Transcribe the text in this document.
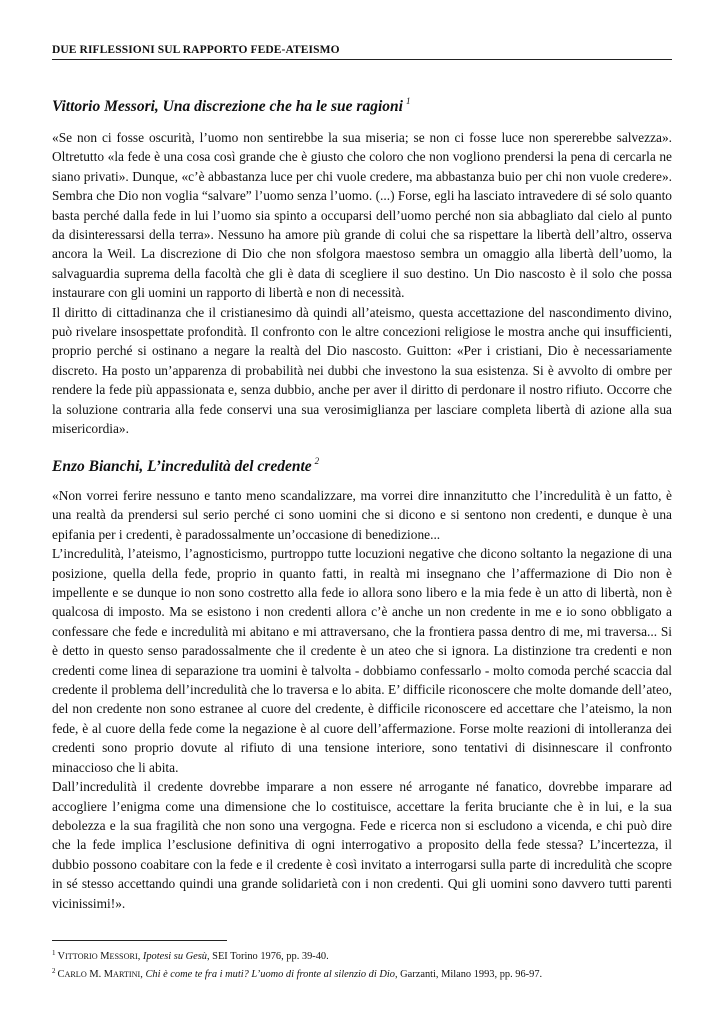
DUE RIFLESSIONI SUL RAPPORTO FEDE-ATEISMO
Vittorio Messori, Una discrezione che ha le sue ragioni $^1$

«Se non ci fosse oscurità, l’uomo non sentirebbe la sua miseria; se non ci fosse luce non spererebbe salvezza». Oltretutto «la fede è una cosa così grande che è giusto che coloro che non vogliono prendersi la pena di cercarla ne siano privati». Dunque, «c’è abbastanza luce per chi vuole credere, ma abbastanza buio per chi non vuole credere». Sembra che Dio non voglia “salvare” l’uomo senza l’uomo. (...) Forse, egli ha lasciato intravedere di sé solo quanto basta perché dalla fede in lui l’uomo sia spinto a occuparsi dell’uomo perché non sia abbagliato dal cielo al punto da disinteressarsi della terra». Nessuno ha amore più grande di colui che sa rispettare la libertà dell’altro, osserva ancora la Weil. La discrezione di Dio che non sfolgora maestoso sembra un omaggio alla libertà dell’uomo, la salvaguardia suprema della facoltà che gli è data di scegliere il suo destino. Un Dio nascosto è il solo che possa instaurare con gli uomini un rapporto di libertà e non di necessità.

Il diritto di cittadinanza che il cristianesimo dà quindi all’ateismo, questa accettazione del nascondimento divino, può rivelare insospettate profondità. Il confronto con le altre concezioni religiose le mostra anche qui insufficienti, proprio perché si ostinano a negare la realtà del Dio nascosto. Guitton: «Per i cristiani, Dio è necessariamente discreto. Ha posto un’apparenza di probabilità nei dubbi che investono la sua esistenza. Si è avvolto di ombre per rendere la fede più appassionata e, senza dubbio, anche per aver il diritto di perdonare il nostro rifiuto. Occorre che la soluzione contraria alla fede conservi una sua verosimiglianza per lasciare completa libertà di azione alla sua misericordia».

Enzo Bianchi, L’incredulità del credente $^2$

«Non vorrei ferire nessuno e tanto meno scandalizzare, ma vorrei dire innanzitutto che l’incredulità è un fatto, è una realtà da prendersi sul serio perché ci sono uomini che si dicono e si sentono non credenti, e dunque è una epifania per i credenti, è paradossalmente un’occasione di benedizione...

L’incredulità, l’ateismo, l’agnosticismo, purtroppo tutte locuzioni negative che dicono soltanto la negazione di una posizione, quella della fede, proprio in quanto fatti, in realtà mi insegnano che l’affermazione di Dio non è impellente e se dunque io non sono costretto alla fede io allora sono libero e la mia fede è un atto di libertà, non è qualcosa di imposto. Ma se esistono i non credenti allora c’è anche un non credente in me e io sono obbligato a confessare che fede e incredulità mi abitano e mi attraversano, che la frontiera passa dentro di me, mi traversa... Si è detto in questo senso paradossalmente che il credente è un ateo che si ignora. La distinzione tra credenti e non credenti come linea di separazione tra uomini è talvolta - dobbiamo confessarlo - molto comoda perché scaccia dal credente il problema dell’incredulità che lo traversa e lo abita. E’ difficile riconoscere che molte domande dell’ateo, del non credente non sono estranee al cuore del credente, è difficile riconoscere ed accettare che l’ateismo, la non fede, è al cuore della fede come la negazione è al cuore dell’affermazione. Forse molte reazioni di intolleranza dei credenti sono proprio dovute al rifiuto di una tensione interiore, sono tentativi di disinnescare il confronto minaccioso che li abita.

Dall’incredulità il credente dovrebbe imparare a non essere né arrogante né fanatico, dovrebbe imparare ad accogliere l’enigma come una dimensione che lo costituisce, accettare la ferita bruciante che è in lui, e la sua debolezza e la sua fragilità che non sono una vergogna. Fede e ricerca non si escludono a vicenda, e chi può dire che la fede implica l’esclusione definitiva di ogni interrogativo a proposito della fede stessa? L’incertezza, il dubbio possono coabitare con la fede e il credente è così invitato a interrogarsi sulla parte di incredulità che scopre in sé stesso accettando quindi una grande solidarietà con i non credenti. Qui gli uomini sono davvero tutti parenti vicinissimi!».

$^1$ VITTORIO MESSORI, Ipotesi su Gesù, SEI Torino 1976, pp. 39-40.
$^2$ CARLO M. MARTINI, Chi è come te fra i muti? L’uomo di fronte al silenzio di Dio, Garzanti, Milano 1993, pp. 96-97.
